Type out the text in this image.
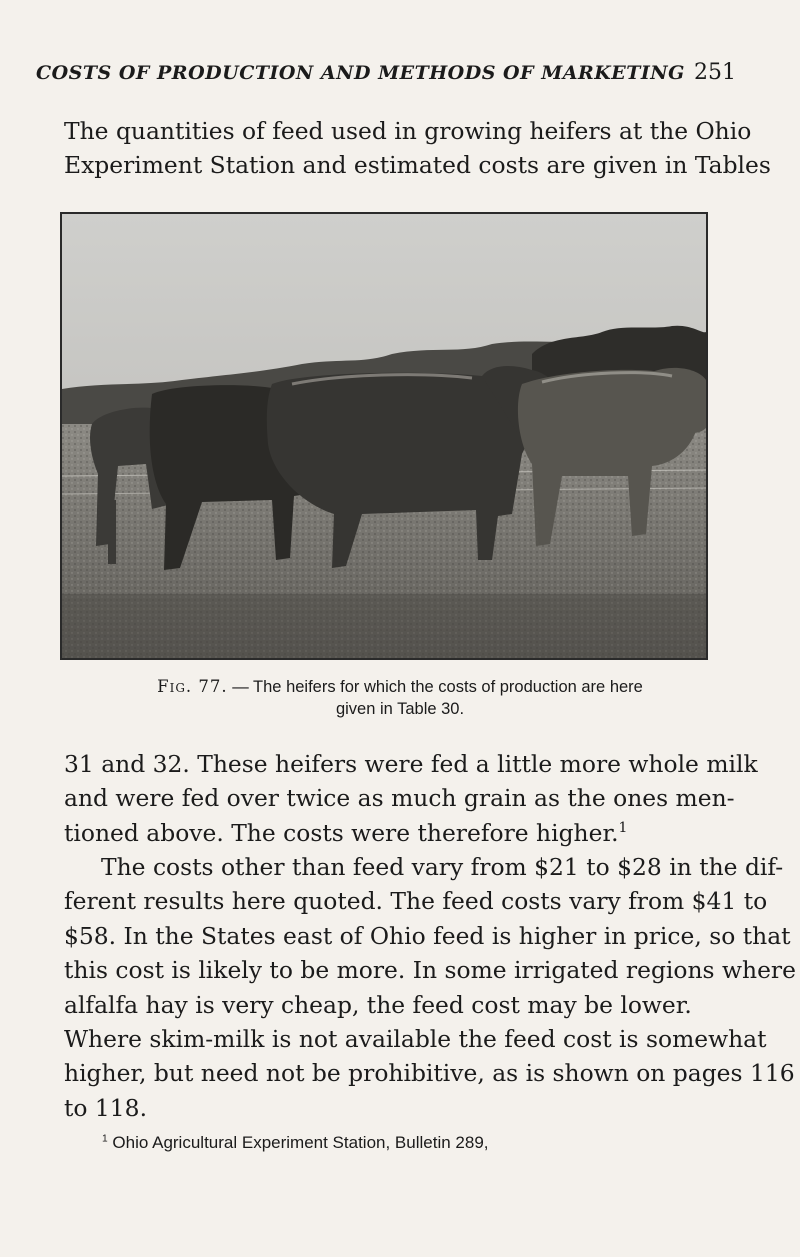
COSTS OF PRODUCTION AND METHODS OF MARKETING 251

The quantities of feed used in growing heifers at the Ohio
Experiment Station and estimated costs are given in Tables

Fig. 77. — The heifers for which the costs of production are here
given in Table 30.

31 and 32. These heifers were fed a little more whole milk
and were fed over twice as much grain as the ones men-
tioned above. The costs were therefore higher.$^1$

The costs other than feed vary from $21 to $28 in the dif-
ferent results here quoted. The feed costs vary from $41 to
$58. In the States east of Ohio feed is higher in price, so that
this cost is likely to be more. In some irrigated regions where
alfalfa hay is very cheap, the feed cost may be lower.
Where skim-milk is not available the feed cost is somewhat
higher, but need not be prohibitive, as is shown on pages 116
to 118.

$^1$ Ohio Agricultural Experiment Station, Bulletin 289,
